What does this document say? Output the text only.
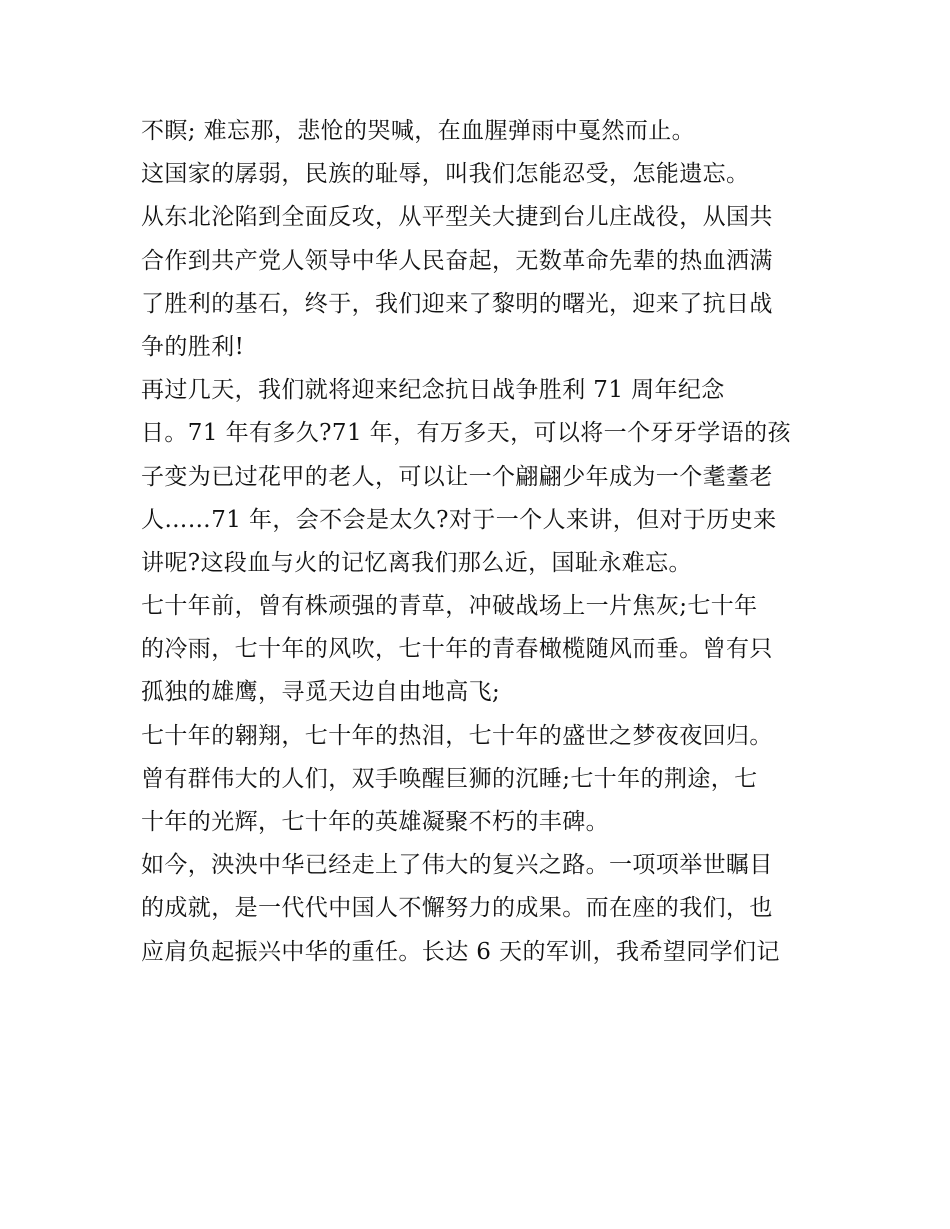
不瞑; 难忘那，悲怆的哭喊，在血腥弹雨中戛然而止。
这国家的孱弱，民族的耻辱，叫我们怎能忍受，怎能遗忘。
从东北沦陷到全面反攻，从平型关大捷到台儿庄战役，从国共
合作到共产党人领导中华人民奋起，无数革命先辈的热血洒满
了胜利的基石，终于，我们迎来了黎明的曙光，迎来了抗日战
争的胜利!
再过几天，我们就将迎来纪念抗日战争胜利 71 周年纪念
日。71 年有多久?71 年，有万多天，可以将一个牙牙学语的孩
子变为已过花甲的老人，可以让一个翩翩少年成为一个耄耋老
人……71 年，会不会是太久?对于一个人来讲，但对于历史来
讲呢?这段血与火的记忆离我们那么近，国耻永难忘。
七十年前，曾有株顽强的青草，冲破战场上一片焦灰;七十年
的冷雨，七十年的风吹，七十年的青春橄榄随风而垂。曾有只
孤独的雄鹰，寻觅天边自由地高飞;
七十年的翱翔，七十年的热泪，七十年的盛世之梦夜夜回归。
曾有群伟大的人们，双手唤醒巨狮的沉睡;七十年的荆途，七
十年的光辉，七十年的英雄凝聚不朽的丰碑。
如今，泱泱中华已经走上了伟大的复兴之路。一项项举世瞩目
的成就，是一代代中国人不懈努力的成果。而在座的我们，也
应肩负起振兴中华的重任。长达 6 天的军训，我希望同学们记
